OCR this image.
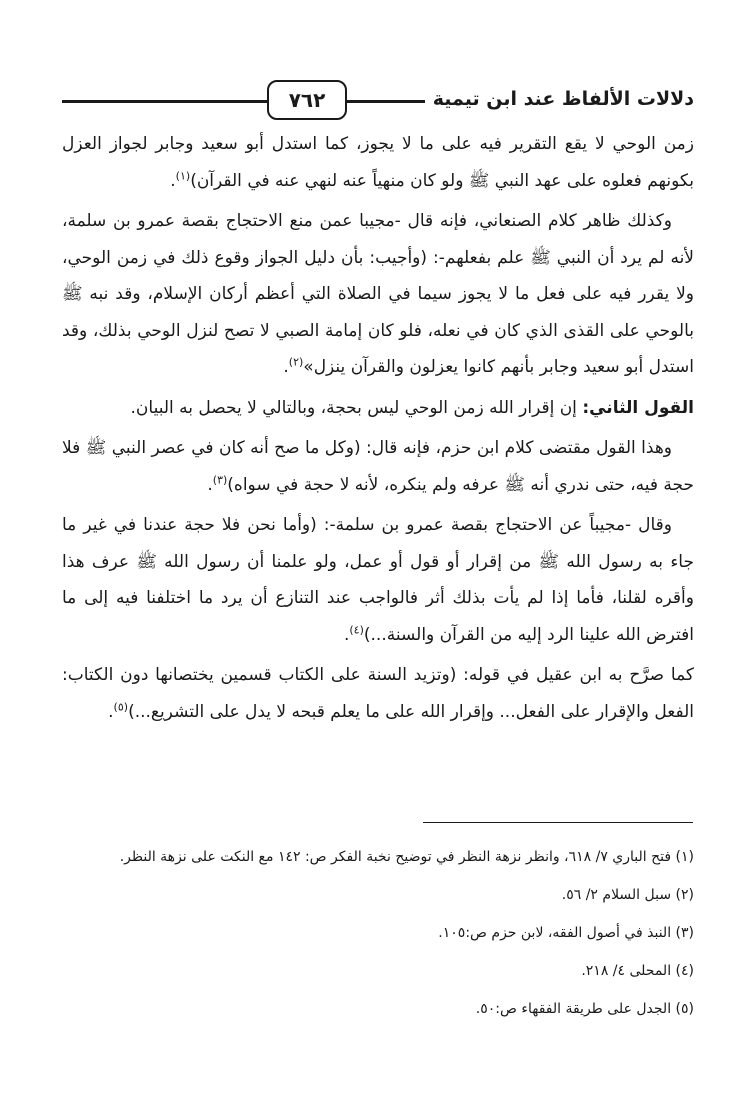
دلالات الألفاظ عند ابن تيمية
٧٦٢

زمن الوحي لا يقع التقرير فيه على ما لا يجوز، كما استدل أبو سعيد وجابر لجواز العزل بكونهم فعلوه على عهد النبي ﷺ ولو كان منهياً عنه لنهي عنه في القرآن)$^{(١)}$.

وكذلك ظاهر كلام الصنعاني، فإنه قال -مجيبا عمن منع الاحتجاج بقصة عمرو بن سلمة، لأنه لم يرد أن النبي ﷺ علم بفعلهم-: (وأجيب: بأن دليل الجواز وقوع ذلك في زمن الوحي، ولا يقرر فيه على فعل ما لا يجوز سيما في الصلاة التي أعظم أركان الإسلام، وقد نبه ﷺ بالوحي على القذى الذي كان في نعله، فلو كان إمامة الصبي لا تصح لنزل الوحي بذلك، وقد استدل أبو سعيد وجابر بأنهم كانوا يعزلون والقرآن ينزل»$^{(٢)}$.

القول الثاني: إن إقرار الله زمن الوحي ليس بحجة، وبالتالي لا يحصل به البيان.

وهذا القول مقتضى كلام ابن حزم، فإنه قال: (وكل ما صح أنه كان في عصر النبي ﷺ فلا حجة فيه، حتى ندري أنه ﷺ عرفه ولم ينكره، لأنه لا حجة في سواه)$^{(٣)}$.

وقال -مجيباً عن الاحتجاج بقصة عمرو بن سلمة-: (وأما نحن فلا حجة عندنا في غير ما جاء به رسول الله ﷺ من إقرار أو قول أو عمل، ولو علمنا أن رسول الله ﷺ عرف هذا وأقره لقلنا، فأما إذا لم يأت بذلك أثر فالواجب عند التنازع أن يرد ما اختلفنا فيه إلى ما افترض الله علينا الرد إليه من القرآن والسنة...)$^{(٤)}$.

كما صرَّح به ابن عقيل في قوله: (وتزيد السنة على الكتاب قسمين يختصانها دون الكتاب: الفعل والإقرار على الفعل... وإقرار الله على ما يعلم قبحه لا يدل على التشريع...)$^{(٥)}$.

(١) فتح الباري ٧/ ٦١٨، وانظر نزهة النظر في توضيح نخبة الفكر ص: ١٤٢ مع النكت على نزهة النظر.
(٢) سبل السلام ٢/ ٥٦.
(٣) النبذ في أصول الفقه، لابن حزم ص:١٠٥.
(٤) المحلى ٤/ ٢١٨.
(٥) الجدل على طريقة الفقهاء ص:٥٠.
